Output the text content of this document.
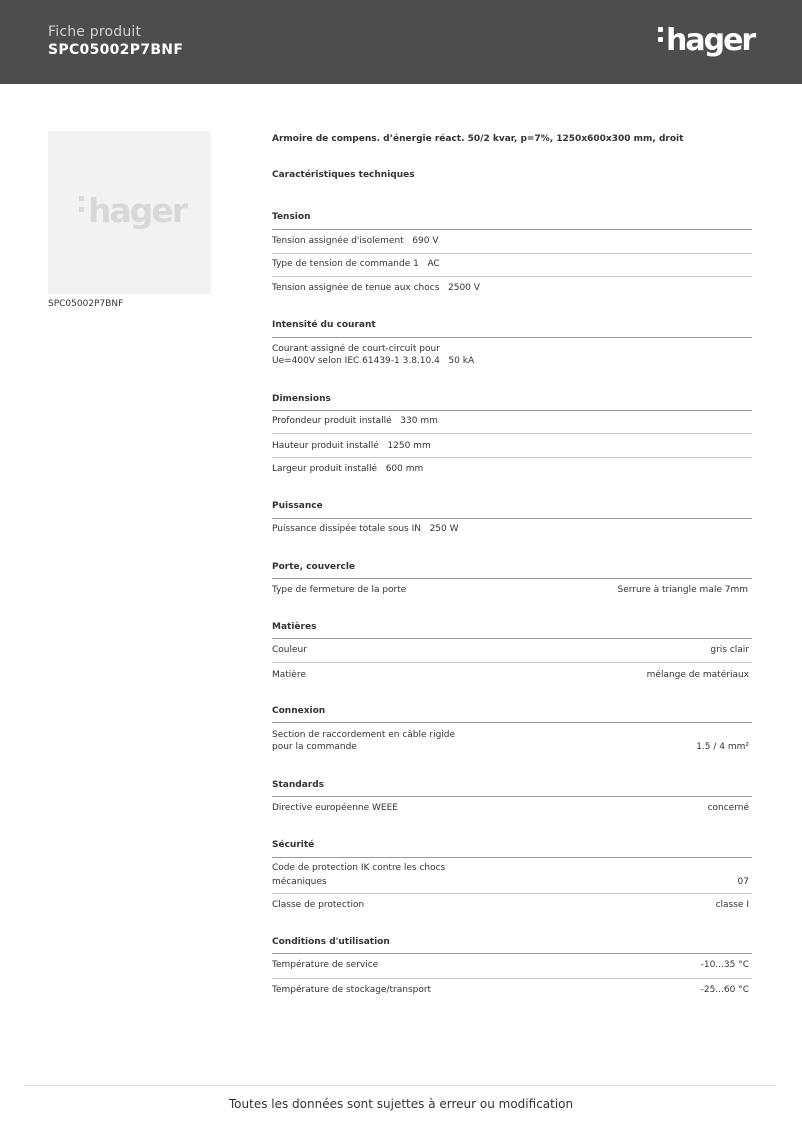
Fiche produit
SPC05002P7BNF	hager
hager
SPC05002P7BNF
Armoire de compens. d’énergie réact. 50/2 kvar, p=7%, 1250x600x300 mm, droit
Caractéristiques techniques
Tension
Tension assignée d'isolement 690 V
Type de tension de commande 1 AC
Tension assignée de tenue aux chocs 2500 V
Intensité du courant
Courant assigné de court-circuit pour
Ue=400V selon IEC 61439-1 3.8.10.4 50 kA
Dimensions
Profondeur produit installé 330 mm
Hauteur produit installé 1250 mm
Largeur produit installé 600 mm
Puissance
Puissance dissipée totale sous IN 250 W
Porte, couvercle
Type de fermeture de la porte	Serrure à triangle male 7mm
Matières
Couleur	gris clair
Matière	mélange de matériaux
Connexion
Section de raccordement en câble rigide
pour la commande	1.5 / 4 mm²
Standards
Directive européenne WEEE	concerné
Sécurité
Code de protection IK contre les chocs
mécaniques	07
Classe de protection	classe I
Conditions d'utilisation
Température de service	-10...35 °C
Température de stockage/transport	-25...60 °C
Toutes les données sont sujettes à erreur ou modification
